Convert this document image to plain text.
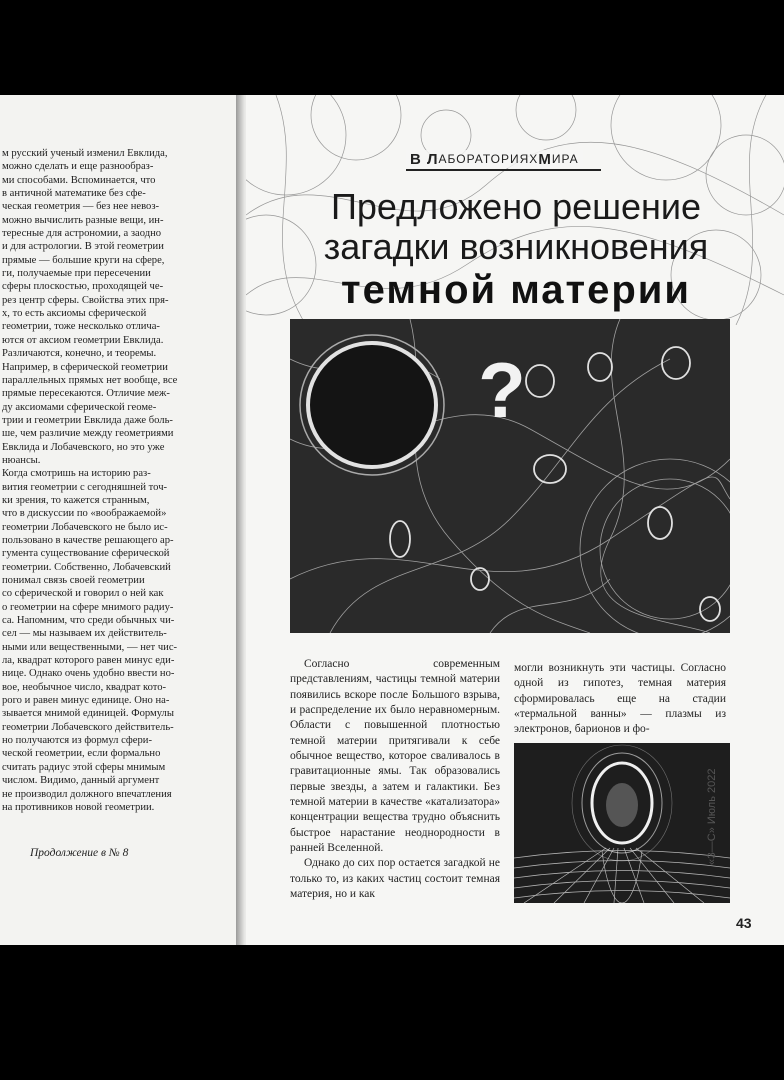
м русский ученый изменил Евклида,

можно сделать и еще разнообраз-

ми способами. Вспоминается, что

в античной математике без сфе-

ческая геометрия — без нее невоз-

можно вычислить разные вещи, ин-

тересные для астрономии, а заодно

и для астрологии. В этой геометрии

прямые — большие круги на сфере,

ги, получаемые при пересечении

сферы плоскостью, проходящей че-

рез центр сферы. Свойства этих пря-

х, то есть аксиомы сферической

геометрии, тоже несколько отлича-

ются от аксиом геометрии Евклида.

Различаются, конечно, и теоремы.

Например, в сферической геометрии

параллельных прямых нет вообще, все

прямые пересекаются. Отличие меж-

ду аксиомами сферической геоме-

трии и геометрии Евклида даже боль-

ше, чем различие между геометриями

Евклида и Лобачевского, но это уже

нюансы.

Когда смотришь на историю раз-

вития геометрии с сегодняшней точ-

ки зрения, то кажется странным,

что в дискуссии по «воображаемой»

геометрии Лобачевского не было ис-

пользовано в качестве решающего ар-

гумента существование сферической

геометрии. Собственно, Лобачевский

понимал связь своей геометрии

со сферической и говорил о ней как

о геометрии на сфере мнимого радиу-

са. Напомним, что среди обычных чи-

сел — мы называем их действитель-

ными или вещественными, — нет чис-

ла, квадрат которого равен минус еди-

нице. Однако очень удобно ввести но-

вое, необычное число, квадрат кото-

рого и равен минус единице. Оно на-

зывается мнимой единицей. Формулы

геометрии Лобачевского действитель-

но получаются из формул сфери-

ческой геометрии, если формально

считать радиус этой сферы мнимым

числом. Видимо, данный аргумент

не производил должного впечатления

на противников новой геометрии.

Продолжение в № 8
В Л АБОРАТОРИЯХ М ИРА
Предложено решение
загадки возникновения
темной материи
?

Согласно современным представлениям, частицы темной материи появились вскоре после Большого взрыва, и распределение их было неравномерным. Области с повышенной плотностью темной материи притягивали к себе обычное вещество, которое сваливалось в гравитационные ямы. Так образовались первые звезды, а затем и галактики. Без темной материи в качестве «катализатора» концентрации вещества трудно объяснить быстрое нарастание неоднородности в ранней Вселенной.

Однако до сих пор остается загадкой не только то, из каких частиц состоит темная материя, но и как

могли возникнуть эти частицы. Согласно одной из гипотез, темная материя сформировалась еще на стадии «термальной ванны» — плазмы из электронов, барионов и фо-

«З—С» Июль 2022
43
